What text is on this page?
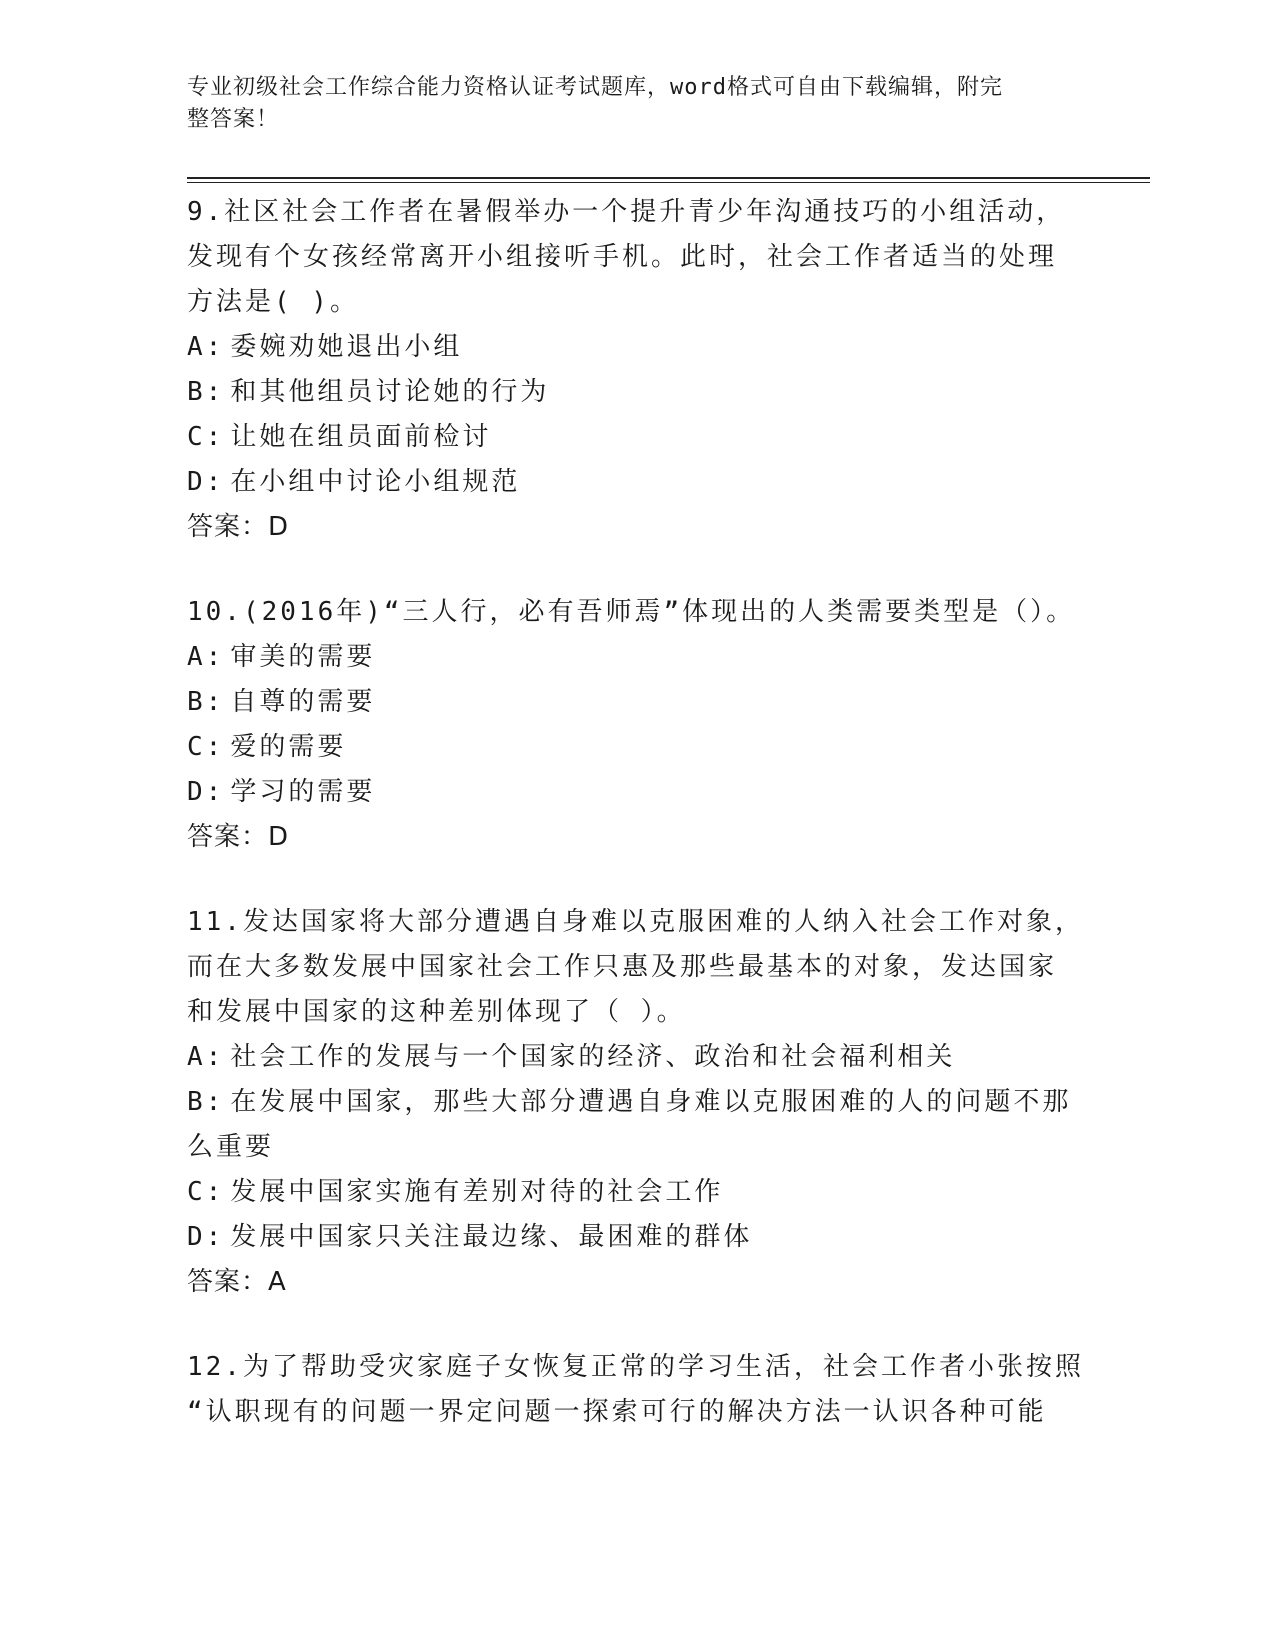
专业初级社会工作综合能力资格认证考试题库，word格式可自由下载编辑，附完
整答案！
9.社区社会工作者在暑假举办一个提升青少年沟通技巧的小组活动，
发现有个女孩经常离开小组接听手机。此时，社会工作者适当的处理
方法是( )。
A: 委婉劝她退出小组
B: 和其他组员讨论她的行为
C: 让她在组员面前检讨
D: 在小组中讨论小组规范
答案：D
10.(2016年)“三人行，必有吾师焉”体现出的人类需要类型是（）。
A: 审美的需要
B: 自尊的需要
C: 爱的需要
D: 学习的需要
答案：D
11.发达国家将大部分遭遇自身难以克服困难的人纳入社会工作对象，
而在大多数发展中国家社会工作只惠及那些最基本的对象，发达国家
和发展中国家的这种差别体现了（ ）。
A: 社会工作的发展与一个国家的经济、政治和社会福利相关
B: 在发展中国家，那些大部分遭遇自身难以克服困难的人的问题不那
么重要
C: 发展中国家实施有差别对待的社会工作
D: 发展中国家只关注最边缘、最困难的群体
答案：A
12.为了帮助受灾家庭子女恢复正常的学习生活，社会工作者小张按照
“认职现有的问题一界定问题一探索可行的解决方法一认识各种可能
